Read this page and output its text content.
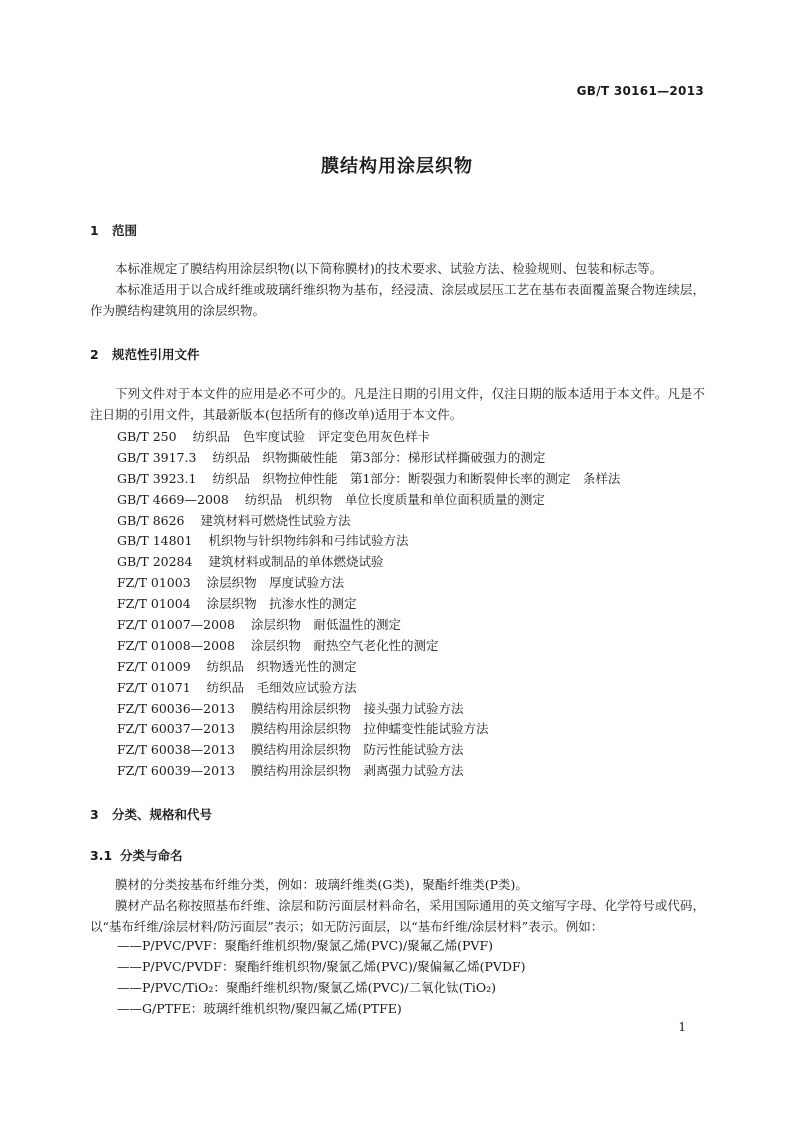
GB/T 30161—2013
膜结构用涂层织物
1 范围
本标准规定了膜结构用涂层织物(以下简称膜材)的技术要求、试验方法、检验规则、包装和标志等。
本标准适用于以合成纤维或玻璃纤维织物为基布，经浸渍、涂层或层压工艺在基布表面覆盖聚合物连续层，作为膜结构建筑用的涂层织物。
2 规范性引用文件
下列文件对于本文件的应用是必不可少的。凡是注日期的引用文件，仅注日期的版本适用于本文件。凡是不注日期的引用文件，其最新版本(包括所有的修改单)适用于本文件。
GB/T 250 纺织品　色牢度试验　评定变色用灰色样卡
GB/T 3917.3 纺织品　织物撕破性能　第3部分：梯形试样撕破强力的测定
GB/T 3923.1 纺织品　织物拉伸性能　第1部分：断裂强力和断裂伸长率的测定　条样法
GB/T 4669—2008 纺织品　机织物　单位长度质量和单位面积质量的测定
GB/T 8626 建筑材料可燃烧性试验方法
GB/T 14801 机织物与针织物纬斜和弓纬试验方法
GB/T 20284 建筑材料或制品的单体燃烧试验
FZ/T 01003 涂层织物　厚度试验方法
FZ/T 01004 涂层织物　抗渗水性的测定
FZ/T 01007—2008 涂层织物　耐低温性的测定
FZ/T 01008—2008 涂层织物　耐热空气老化性的测定
FZ/T 01009 纺织品　织物透光性的测定
FZ/T 01071 纺织品　毛细效应试验方法
FZ/T 60036—2013 膜结构用涂层织物　接头强力试验方法
FZ/T 60037—2013 膜结构用涂层织物　拉伸蠕变性能试验方法
FZ/T 60038—2013 膜结构用涂层织物　防污性能试验方法
FZ/T 60039—2013 膜结构用涂层织物　剥离强力试验方法
3 分类、规格和代号
3.1 分类与命名
膜材的分类按基布纤维分类，例如：玻璃纤维类(G类)，聚酯纤维类(P类)。
膜材产品名称按照基布纤维、涂层和防污面层材料命名，采用国际通用的英文缩写字母、化学符号或代码，以“基布纤维/涂层材料/防污面层”表示；如无防污面层，以“基布纤维/涂层材料”表示。例如：
——P/PVC/PVF：聚酯纤维机织物/聚氯乙烯(PVC)/聚氟乙烯(PVF)
——P/PVC/PVDF：聚酯纤维机织物/聚氯乙烯(PVC)/聚偏氟乙烯(PVDF)
——P/PVC/TiO₂：聚酯纤维机织物/聚氯乙烯(PVC)/二氧化钛(TiO₂)
——G/PTFE：玻璃纤维机织物/聚四氟乙烯(PTFE)
1
